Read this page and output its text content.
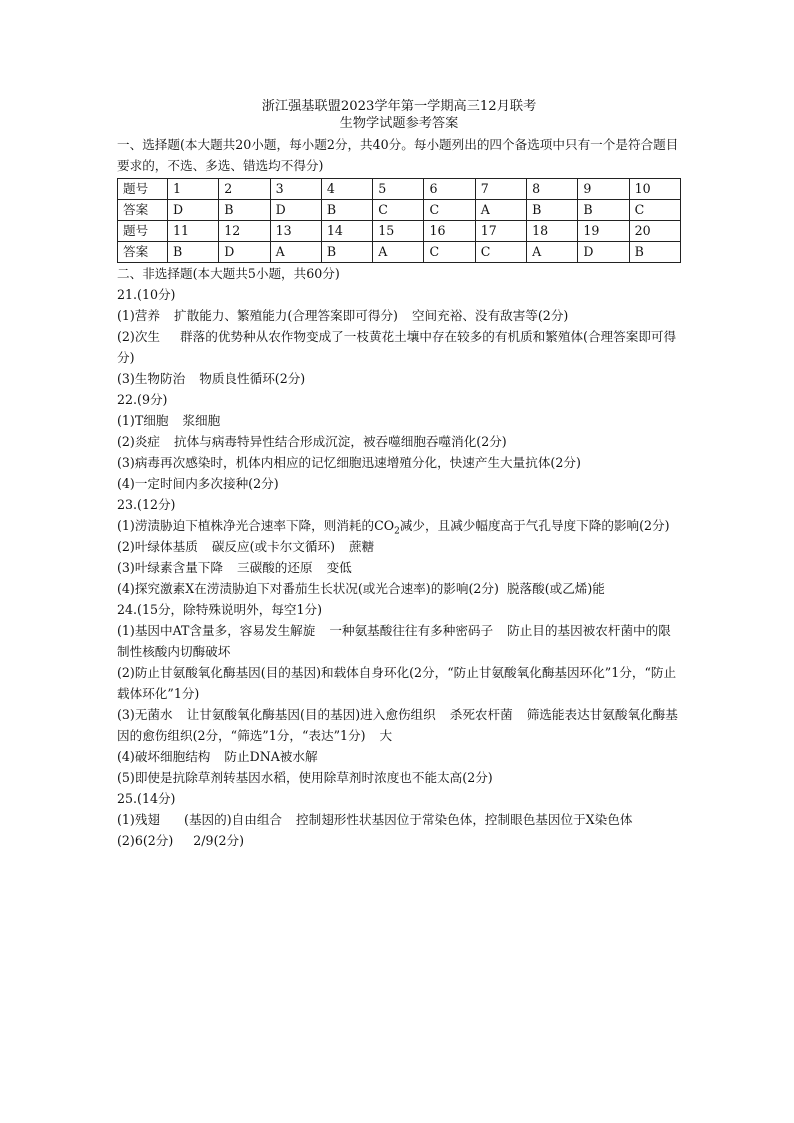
浙江强基联盟2023学年第一学期高三12月联考
生物学试题参考答案
一、选择题(本大题共20小题，每小题2分，共40分。每小题列出的四个备选项中只有一个是符合题目要求的，不选、多选、错选均不得分)
题号	1	2	3	4	5	6	7	8	9	10
答案	D	B	D	B	C	C	A	B	B	C
题号	11	12	13	14	15	16	17	18	19	20
答案	B	D	A	B	A	C	C	A	D	B
二、非选择题(本大题共5小题，共60分)
21.(10分)
(1)营养 扩散能力、繁殖能力(合理答案即可得分) 空间充裕、没有敌害等(2分)
(2)次生 群落的优势种从农作物变成了一枝黄花土壤中存在较多的有机质和繁殖体(合理答案即可得分)
(3)生物防治 物质良性循环(2分)
22.(9分)
(1)T细胞 浆细胞
(2)炎症 抗体与病毒特异性结合形成沉淀，被吞噬细胞吞噬消化(2分)
(3)病毒再次感染时，机体内相应的记忆细胞迅速增殖分化，快速产生大量抗体(2分)
(4)一定时间内多次接种(2分)
23.(12分)
(1)涝渍胁迫下植株净光合速率下降，则消耗的$CO_2$减少，且减少幅度高于气孔导度下降的影响(2分)
(2)叶绿体基质 碳反应(或卡尔文循环) 蔗糖
(3)叶绿素含量下降 三碳酸的还原 变低
(4)探究激素X在涝渍胁迫下对番茄生长状况(或光合速率)的影响(2分) 脱落酸(或乙烯)能
24.(15分，除特殊说明外，每空1分)
(1)基因中AT含量多，容易发生解旋 一种氨基酸往往有多种密码子 防止目的基因被农杆菌中的限制性核酸内切酶破坏
(2)防止甘氨酸氧化酶基因(目的基因)和载体自身环化(2分，“防止甘氨酸氧化酶基因环化”1分，“防止载体环化”1分)
(3)无菌水 让甘氨酸氧化酶基因(目的基因)进入愈伤组织 杀死农杆菌 筛选能表达甘氨酸氧化酶基因的愈伤组织(2分，“筛选”1分，“表达”1分) 大
(4)破坏细胞结构 防止DNA被水解
(5)即使是抗除草剂转基因水稻，使用除草剂时浓度也不能太高(2分)
25.(14分)
(1)残翅 (基因的)自由组合 控制翅形性状基因位于常染色体，控制眼色基因位于X染色体
(2)6(2分) 2/9(2分)
